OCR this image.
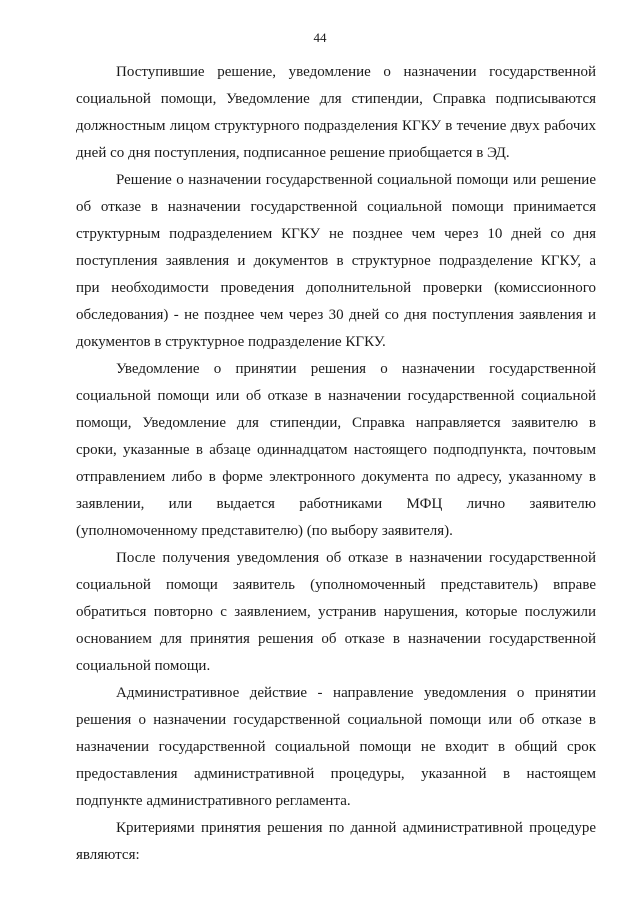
44
Поступившие решение, уведомление о назначении государственной
социальной помощи, Уведомление для стипендии, Справка подписываются
должностным лицом структурного подразделения КГКУ в течение двух рабочих
дней со дня поступления, подписанное решение приобщается в ЭД.
Решение о назначении государственной социальной помощи или решение
об отказе в назначении государственной социальной помощи принимается
структурным подразделением КГКУ не позднее чем через 10 дней со дня
поступления заявления и документов в структурное подразделение КГКУ, а
при необходимости проведения дополнительной проверки (комиссионного
обследования) - не позднее чем через 30 дней со дня поступления заявления и
документов в структурное подразделение КГКУ.
Уведомление о принятии решения о назначении государственной
социальной помощи или об отказе в назначении государственной социальной
помощи, Уведомление для стипендии, Справка направляется заявителю в
сроки, указанные в абзаце одиннадцатом настоящего подподпункта, почтовым
отправлением либо в форме электронного документа по адресу, указанному в
заявлении, или выдается работниками МФЦ лично заявителю
(уполномоченному представителю) (по выбору заявителя).
После получения уведомления об отказе в назначении государственной
социальной помощи заявитель (уполномоченный представитель) вправе
обратиться повторно с заявлением, устранив нарушения, которые послужили
основанием для принятия решения об отказе в назначении государственной
социальной помощи.
Административное действие - направление уведомления о принятии
решения о назначении государственной социальной помощи или об отказе в
назначении государственной социальной помощи не входит в общий срок
предоставления административной процедуры, указанной в настоящем
подпункте административного регламента.
Критериями принятия решения по данной административной процедуре
являются:
